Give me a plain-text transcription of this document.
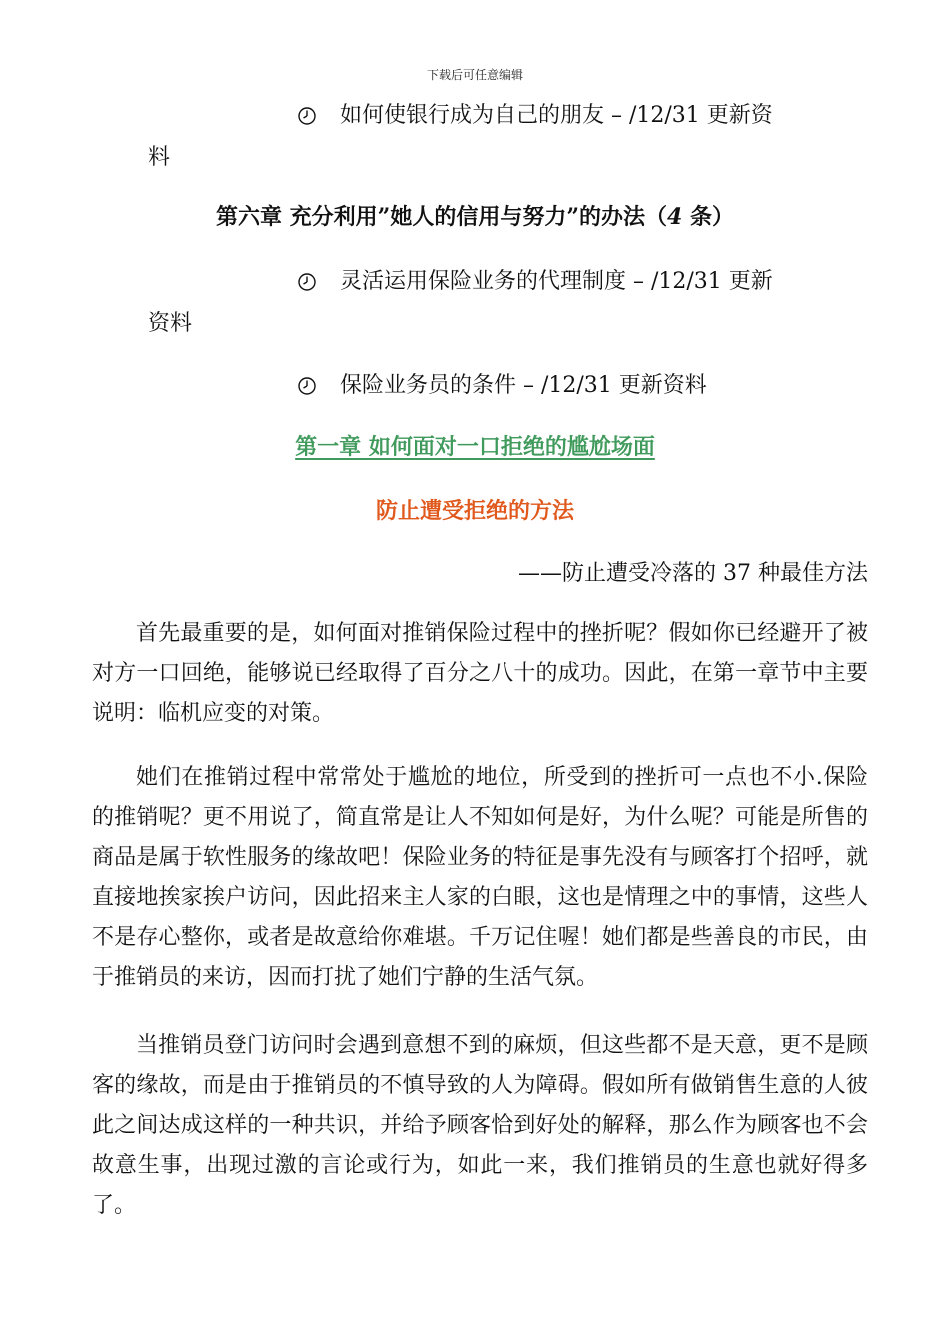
下载后可任意编辑
如何使银行成为自己的朋友 – /12/31 更新资
料
第六章 充分利用”她人的信用与努力”的办法（4 条）
灵活运用保险业务的代理制度 – /12/31 更新
资料
保险业务员的条件 – /12/31 更新资料
第一章 如何面对一口拒绝的尴尬场面
防止遭受拒绝的方法
——防止遭受冷落的 37 种最佳方法

首先最重要的是，如何面对推销保险过程中的挫折呢？假如你已经避开了被对方一口回绝，能够说已经取得了百分之八十的成功。因此，在第一章节中主要说明：临机应变的对策。

她们在推销过程中常常处于尴尬的地位，所受到的挫折可一点也不小.保险的推销呢？更不用说了，简直常是让人不知如何是好，为什么呢？可能是所售的商品是属于软性服务的缘故吧！保险业务的特征是事先没有与顾客打个招呼，就直接地挨家挨户访问，因此招来主人家的白眼，这也是情理之中的事情，这些人不是存心整你，或者是故意给你难堪。千万记住喔！她们都是些善良的市民，由于推销员的来访，因而打扰了她们宁静的生活气氛。

当推销员登门访问时会遇到意想不到的麻烦，但这些都不是天意，更不是顾客的缘故，而是由于推销员的不慎导致的人为障碍。假如所有做销售生意的人彼此之间达成这样的一种共识，并给予顾客恰到好处的解释，那么作为顾客也不会故意生事，出现过激的言论或行为，如此一来，我们推销员的生意也就好得多了。
